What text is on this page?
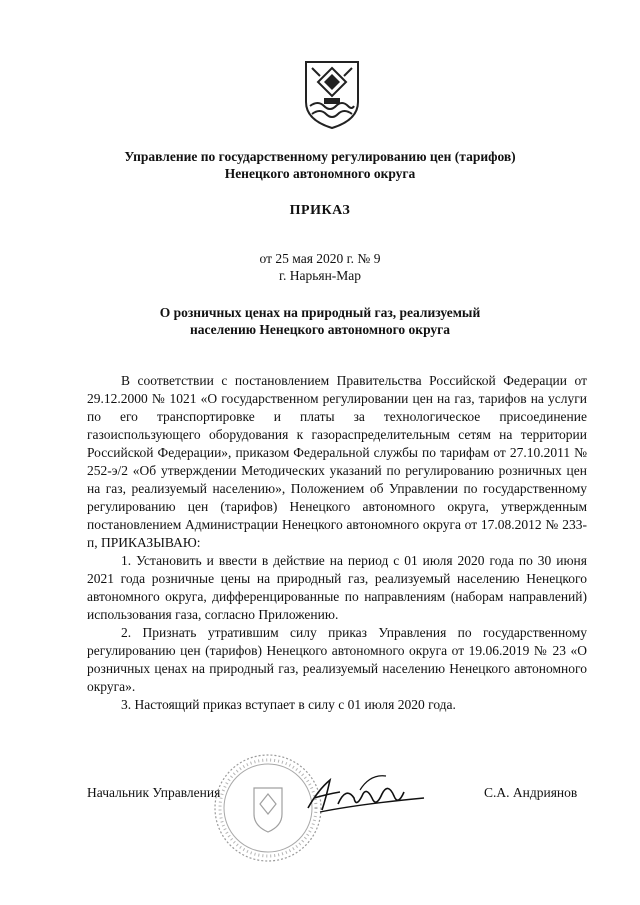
Управление по государственному регулированию цен (тарифов)
Ненецкого автономного округа
ПРИКАЗ
от 25 мая 2020 г. № 9
г. Нарьян-Мар
О розничных ценах на природный газ, реализуемый
населению Ненецкого автономного округа

В соответствии с постановлением Правительства Российской Федерации от 29.12.2000 № 1021 «О государственном регулировании цен на газ, тарифов на услуги по его транспортировке и платы за технологическое присоединение газоиспользующего оборудования к газораспределительным сетям на территории Российской Федерации», приказом Федеральной службы по тарифам от 27.10.2011 № 252-э/2 «Об утверждении Методических указаний по регулированию розничных цен на газ, реализуемый населению», Положением об Управлении по государственному регулированию цен (тарифов) Ненецкого автономного округа, утвержденным постановлением Администрации Ненецкого автономного округа от 17.08.2012 № 233-п, ПРИКАЗЫВАЮ:

1. Установить и ввести в действие на период с 01 июля 2020 года по 30 июня 2021 года розничные цены на природный газ, реализуемый населению Ненецкого автономного округа, дифференцированные по направлениям (наборам направлений) использования газа, согласно Приложению.

2. Признать утратившим силу приказ Управления по государственному регулированию цен (тарифов) Ненецкого автономного округа от 19.06.2019 № 23 «О розничных ценах на природный газ, реализуемый населению Ненецкого автономного округа».

3. Настоящий приказ вступает в силу с 01 июля 2020 года.

Начальник Управления	С.А. Андриянов
